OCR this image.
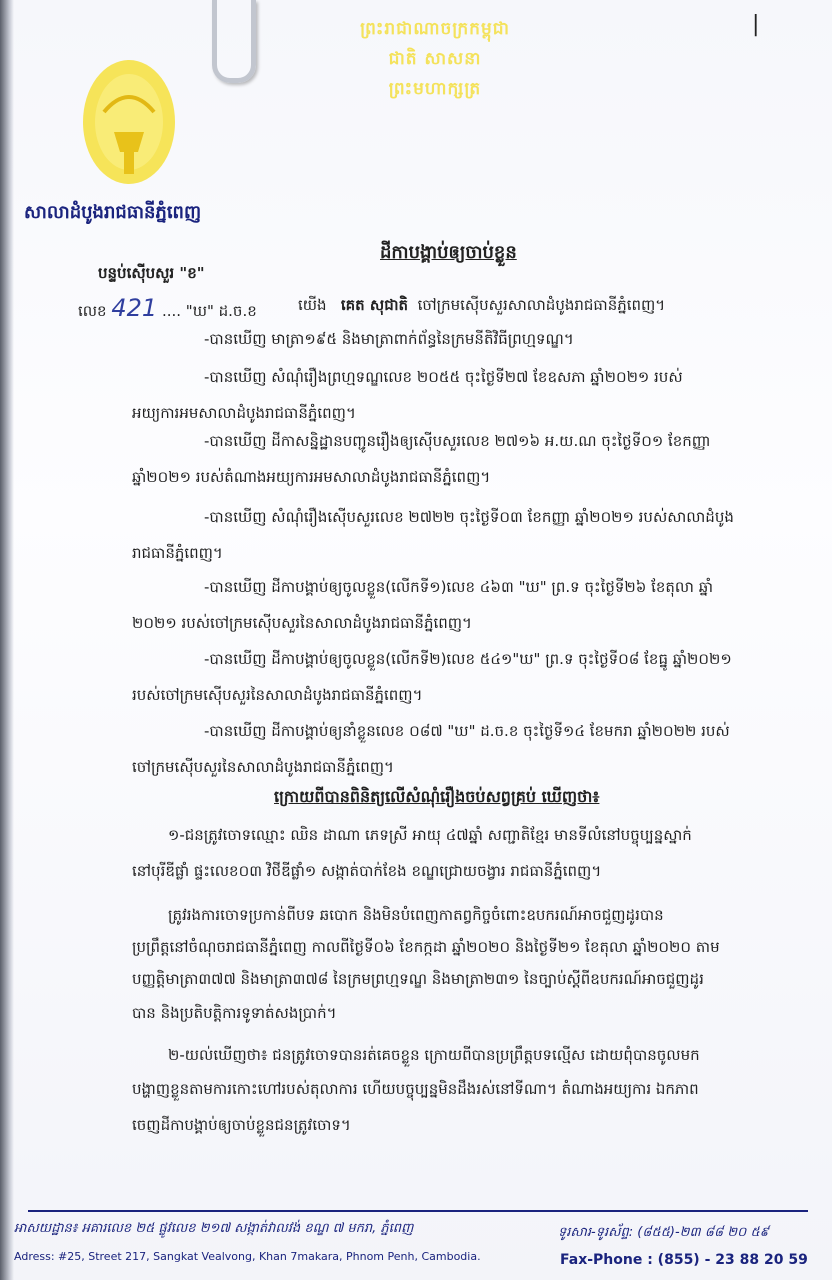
|
ព្រះរាជាណាចក្រកម្ពុជា
ជាតិ សាសនា ព្រះមហាក្សត្រ
សាលាដំបូងរាជធានីភ្នំពេញ
បន្ទប់ស៊ើបសួរ "ខ"
លេខ 421 .... "ឃ" ដ.ច.ខ
ដីកាបង្គាប់ឲ្យចាប់ខ្លួន
យើង គេត សុជាតិ ចៅក្រមស៊ើបសួរសាលាដំបូងរាជធានីភ្នំពេញ។
-បានឃើញ មាត្រា១៩៥ និងមាត្រាពាក់ព័ន្ធនៃក្រមនីតិវិធីព្រហ្មទណ្ឌ។
-បានឃើញ សំណុំរឿងព្រហ្មទណ្ឌលេខ ២០៥៥ ចុះថ្ងៃទី២៧ ខែឧសភា ឆ្នាំ២០២១ របស់
អយ្យការអមសាលាដំបូងរាជធានីភ្នំពេញ។
-បានឃើញ ដីកាសន្និដ្ឋានបញ្ជូនរឿងឲ្យស៊ើបសួរលេខ ២៧១៦ អ.យ.ណ ចុះថ្ងៃទី០១ ខែកញ្ញា
ឆ្នាំ២០២១ របស់តំណាងអយ្យការអមសាលាដំបូងរាជធានីភ្នំពេញ។
-បានឃើញ សំណុំរឿងស៊ើបសួរលេខ ២៧២២ ចុះថ្ងៃទី០៣ ខែកញ្ញា ឆ្នាំ២០២១ របស់សាលាដំបូង
រាជធានីភ្នំពេញ។
-បានឃើញ ដីកាបង្គាប់ឲ្យចូលខ្លួន(លើកទី១)លេខ ៤៦៣ "ឃ" ព្រ.ទ ចុះថ្ងៃទី២៦ ខែតុលា ឆ្នាំ
២០២១ របស់ចៅក្រមស៊ើបសួរនៃសាលាដំបូងរាជធានីភ្នំពេញ។
-បានឃើញ ដីកាបង្គាប់ឲ្យចូលខ្លួន(លើកទី២)លេខ ៥៤១"ឃ" ព្រ.ទ ចុះថ្ងៃទី០៨ ខែធ្នូ ឆ្នាំ២០២១
របស់ចៅក្រមស៊ើបសួរនៃសាលាដំបូងរាជធានីភ្នំពេញ។
-បានឃើញ ដីកាបង្គាប់ឲ្យនាំខ្លួនលេខ ០៨៧ "ឃ" ដ.ច.ខ ចុះថ្ងៃទី១៤ ខែមករា ឆ្នាំ២០២២ របស់
ចៅក្រមស៊ើបសួរនៃសាលាដំបូងរាជធានីភ្នំពេញ។
ក្រោយពីបានពិនិត្យលើសំណុំរឿងចប់សព្វគ្រប់ ឃើញថា៖
១-ជនត្រូវចោទឈ្មោះ ឈិន ដាណា ភេទស្រី អាយុ ៤៧ឆ្នាំ សញ្ជាតិខ្មែរ មានទីលំនៅបច្ចុប្បន្នស្នាក់
នៅបុរីឌីផ្លាំ ផ្ទះលេខ០៣ វិថីឌីផ្លាំ១ សង្កាត់បាក់ខែង ខណ្ឌជ្រោយចង្វារ រាជធានីភ្នំពេញ។
ត្រូវរងការចោទប្រកាន់ពីបទ ឆបោក និងមិនបំពេញកាតព្វកិច្ចចំពោះឧបករណ៍អាចជួញដូរបាន
ប្រព្រឹត្តនៅចំណុចរាជធានីភ្នំពេញ កាលពីថ្ងៃទី០៦ ខែកក្កដា ឆ្នាំ២០២០ និងថ្ងៃទី២១ ខែតុលា ឆ្នាំ២០២០ តាម
បញ្ញត្តិមាត្រា៣៧៧ និងមាត្រា៣៧៨ នៃក្រមព្រហ្មទណ្ឌ និងមាត្រា២៣១ នៃច្បាប់ស្តីពីឧបករណ៍អាចជួញដូរ
បាន និងប្រតិបត្តិការទូទាត់សងប្រាក់។
២-យល់ឃើញថា៖ ជនត្រូវចោទបានរត់គេចខ្លួន ក្រោយពីបានប្រព្រឹត្តបទល្មើស ដោយពុំបានចូលមក
បង្ហាញខ្លួនតាមការកោះហៅរបស់តុលាការ ហើយបច្ចុប្បន្នមិនដឹងរស់នៅទីណា។ តំណាងអយ្យការ ឯកភាព
ចេញដីកាបង្គាប់ឲ្យចាប់ខ្លួនជនត្រូវចោទ។
អាសយដ្ឋាន៖ អគារលេខ ២៥ ផ្លូវលេខ ២១៧ សង្កាត់វាលវង់ ខណ្ឌ ៧ មករា, ភ្នំពេញ
Adress: #25, Street 217, Sangkat Vealvong, Khan 7makara, Phnom Penh, Cambodia.
ទូរសារ-ទូរស័ព្ទ: (៨៥៥)-២៣ ៨៨ ២០ ៥៩
Fax-Phone : (855) - 23 88 20 59
